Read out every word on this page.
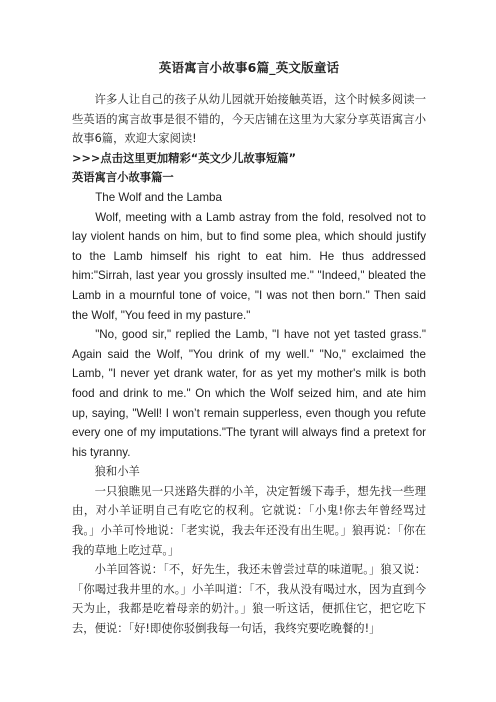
英语寓言小故事6篇_英文版童话

许多人让自己的孩子从幼儿园就开始接触英语，这个时候多阅读一些英语的寓言故事是很不错的，今天店铺在这里为大家分享英语寓言小故事6篇，欢迎大家阅读!

>>>点击这里更加精彩“英文少儿故事短篇”
英语寓言小故事篇一

The Wolf and the Lamba

Wolf, meeting with a Lamb astray from the fold, resolved not to lay violent hands on him, but to find some plea, which should justify to the Lamb himself his right to eat him. He thus addressed him:"Sirrah, last year you grossly insulted me." "Indeed," bleated the Lamb in a mournful tone of voice, "I was not then born." Then said the Wolf, "You feed in my pasture."

"No, good sir," replied the Lamb, "I have not yet tasted grass." Again said the Wolf, "You drink of my well." "No," exclaimed the Lamb, "I never yet drank water, for as yet my mother's milk is both food and drink to me." On which the Wolf seized him, and ate him up, saying, "Well! I won’t remain supperless, even though you refute every one of my imputations."The tyrant will always find a pretext for his tyranny.

狼和小羊

一只狼瞧见一只迷路失群的小羊，决定暂缓下毒手，想先找一些理由，对小羊证明自己有吃它的权利。它就说：「小鬼!你去年曾经骂过我。」小羊可怜地说：「老实说，我去年还没有出生呢。」狼再说：「你在我的草地上吃过草。」

小羊回答说：「不，好先生，我还未曾尝过草的味道呢。」狼又说：「你喝过我井里的水。」小羊叫道：「不，我从没有喝过水，因为直到今天为止，我都是吃着母亲的奶汁。」狼一听这话，便抓住它，把它吃下去，便说：「好!即使你驳倒我每一句话，我终究要吃晚餐的!」
